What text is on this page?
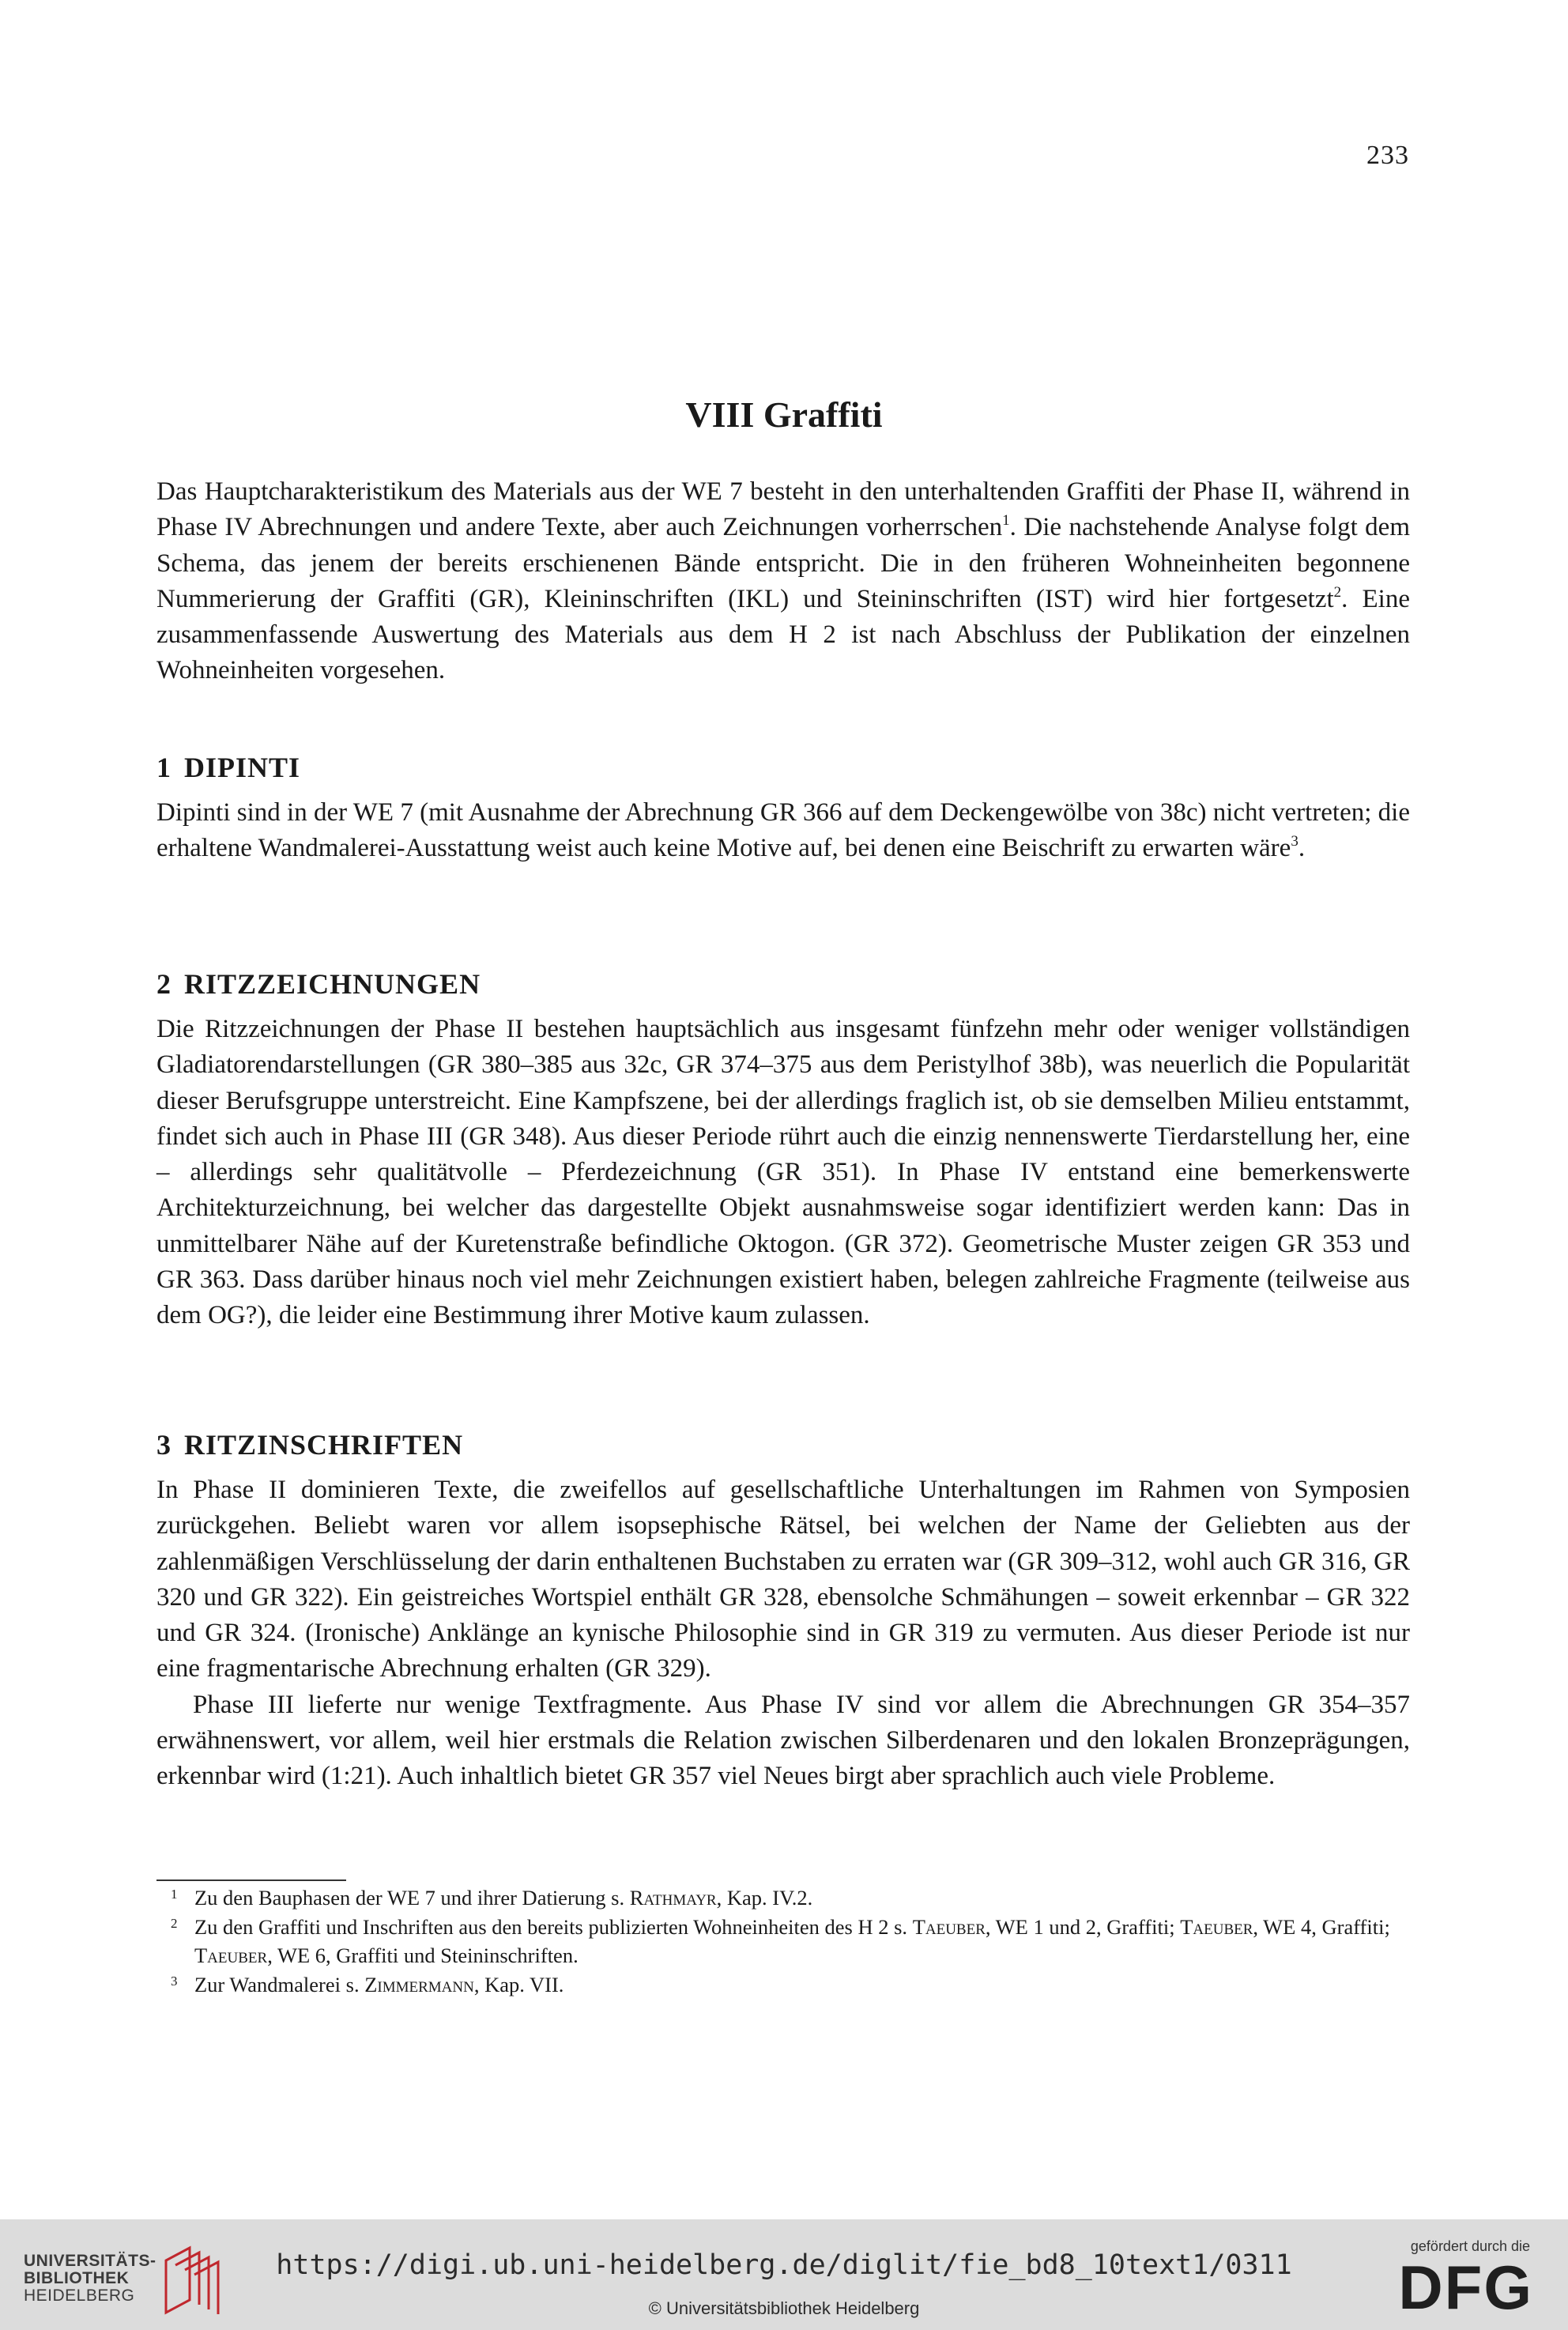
233
VIII Graffiti

Das Hauptcharakteristikum des Materials aus der WE 7 besteht in den unterhaltenden Graffiti der Phase II, während in Phase IV Abrechnungen und andere Texte, aber auch Zeichnungen vorherrschen$^1$. Die nachstehende Analyse folgt dem Schema, das jenem der bereits erschienenen Bände entspricht. Die in den früheren Wohneinheiten begonnene Nummerierung der Graffiti (GR), Kleininschriften (IKL) und Steininschriften (IST) wird hier fortgesetzt$^2$. Eine zusammenfassende Auswertung des Materials aus dem H 2 ist nach Abschluss der Publikation der einzelnen Wohneinheiten vorgesehen.

1 DIPINTI

Dipinti sind in der WE 7 (mit Ausnahme der Abrechnung GR 366 auf dem Deckengewölbe von 38c) nicht vertreten; die erhaltene Wandmalerei-Ausstattung weist auch keine Motive auf, bei denen eine Beischrift zu erwarten wäre$^3$.

2 RITZZEICHNUNGEN

Die Ritzzeichnungen der Phase II bestehen hauptsächlich aus insgesamt fünfzehn mehr oder weniger vollständigen Gladiatorendarstellungen (GR 380–385 aus 32c, GR 374–375 aus dem Peristylhof 38b), was neuerlich die Popularität dieser Berufsgruppe unterstreicht. Eine Kampfszene, bei der allerdings fraglich ist, ob sie demselben Milieu entstammt, findet sich auch in Phase III (GR 348). Aus dieser Periode rührt auch die einzig nennenswerte Tierdarstellung her, eine – allerdings sehr qualitätvolle – Pferdezeichnung (GR 351). In Phase IV entstand eine bemerkenswerte Architekturzeichnung, bei welcher das dargestellte Objekt ausnahmsweise sogar identifiziert werden kann: Das in unmittelbarer Nähe auf der Kuretenstraße befindliche Oktogon. (GR 372). Geometrische Muster zeigen GR 353 und GR 363. Dass darüber hinaus noch viel mehr Zeichnungen existiert haben, belegen zahlreiche Fragmente (teilweise aus dem OG?), die leider eine Bestimmung ihrer Motive kaum zulassen.

3 RITZINSCHRIFTEN

In Phase II dominieren Texte, die zweifellos auf gesellschaftliche Unterhaltungen im Rahmen von Symposien zurückgehen. Beliebt waren vor allem isopsephische Rätsel, bei welchen der Name der Geliebten aus der zahlenmäßigen Verschlüsselung der darin enthaltenen Buchstaben zu erraten war (GR 309–312, wohl auch GR 316, GR 320 und GR 322). Ein geistreiches Wortspiel enthält GR 328, ebensolche Schmähungen – soweit erkennbar – GR 322 und GR 324. (Ironische) Anklänge an kynische Philosophie sind in GR 319 zu vermuten. Aus dieser Periode ist nur eine fragmentarische Abrechnung erhalten (GR 329).

Phase III lieferte nur wenige Textfragmente. Aus Phase IV sind vor allem die Abrechnungen GR 354–357 erwähnenswert, vor allem, weil hier erstmals die Relation zwischen Silberdenaren und den lokalen Bronzeprägungen, erkennbar wird (1:21). Auch inhaltlich bietet GR 357 viel Neues birgt aber sprachlich auch viele Probleme.

1 Zu den Bauphasen der WE 7 und ihrer Datierung s. Rathmayr, Kap. IV.2.
2 Zu den Graffiti und Inschriften aus den bereits publizierten Wohneinheiten des H 2 s. Taeuber, WE 1 und 2, Graffiti; Taeuber, WE 4, Graffiti; Taeuber, WE 6, Graffiti und Steininschriften.
3 Zur Wandmalerei s. Zimmermann, Kap. VII.
UNIVERSITÄTS-
BIBLIOTHEK
HEIDELBERG
https://digi.ub.uni-heidelberg.de/diglit/fie_bd8_10text1/0311
© Universitätsbibliothek Heidelberg
gefördert durch die
DFG
